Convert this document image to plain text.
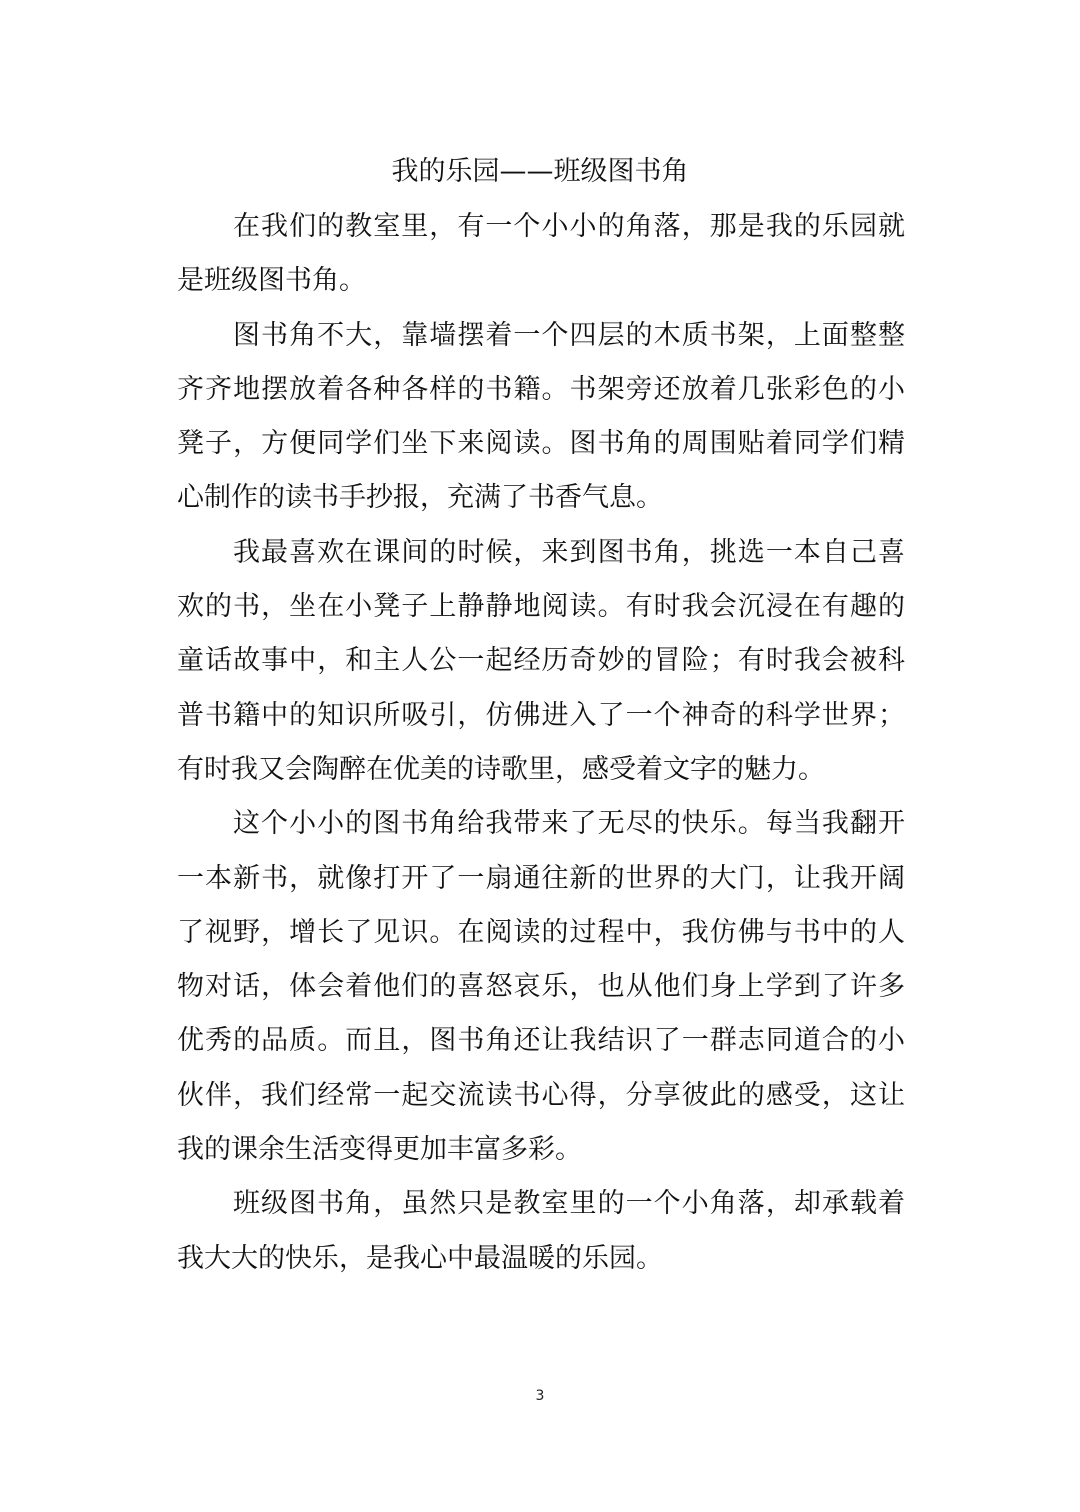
我的乐园——班级图书角

在我们的教室里，有一个小小的角落，那是我的乐园就是班级图书角。

图书角不大，靠墙摆着一个四层的木质书架，上面整整齐齐地摆放着各种各样的书籍。书架旁还放着几张彩色的小凳子，方便同学们坐下来阅读。图书角的周围贴着同学们精心制作的读书手抄报，充满了书香气息。

我最喜欢在课间的时候，来到图书角，挑选一本自己喜欢的书，坐在小凳子上静静地阅读。有时我会沉浸在有趣的童话故事中，和主人公一起经历奇妙的冒险；有时我会被科普书籍中的知识所吸引，仿佛进入了一个神奇的科学世界；有时我又会陶醉在优美的诗歌里，感受着文字的魅力。

这个小小的图书角给我带来了无尽的快乐。每当我翻开一本新书，就像打开了一扇通往新的世界的大门，让我开阔了视野，增长了见识。在阅读的过程中，我仿佛与书中的人物对话，体会着他们的喜怒哀乐，也从他们身上学到了许多优秀的品质。而且，图书角还让我结识了一群志同道合的小伙伴，我们经常一起交流读书心得，分享彼此的感受，这让我的课余生活变得更加丰富多彩。

班级图书角，虽然只是教室里的一个小角落，却承载着我大大的快乐，是我心中最温暖的乐园。

3
